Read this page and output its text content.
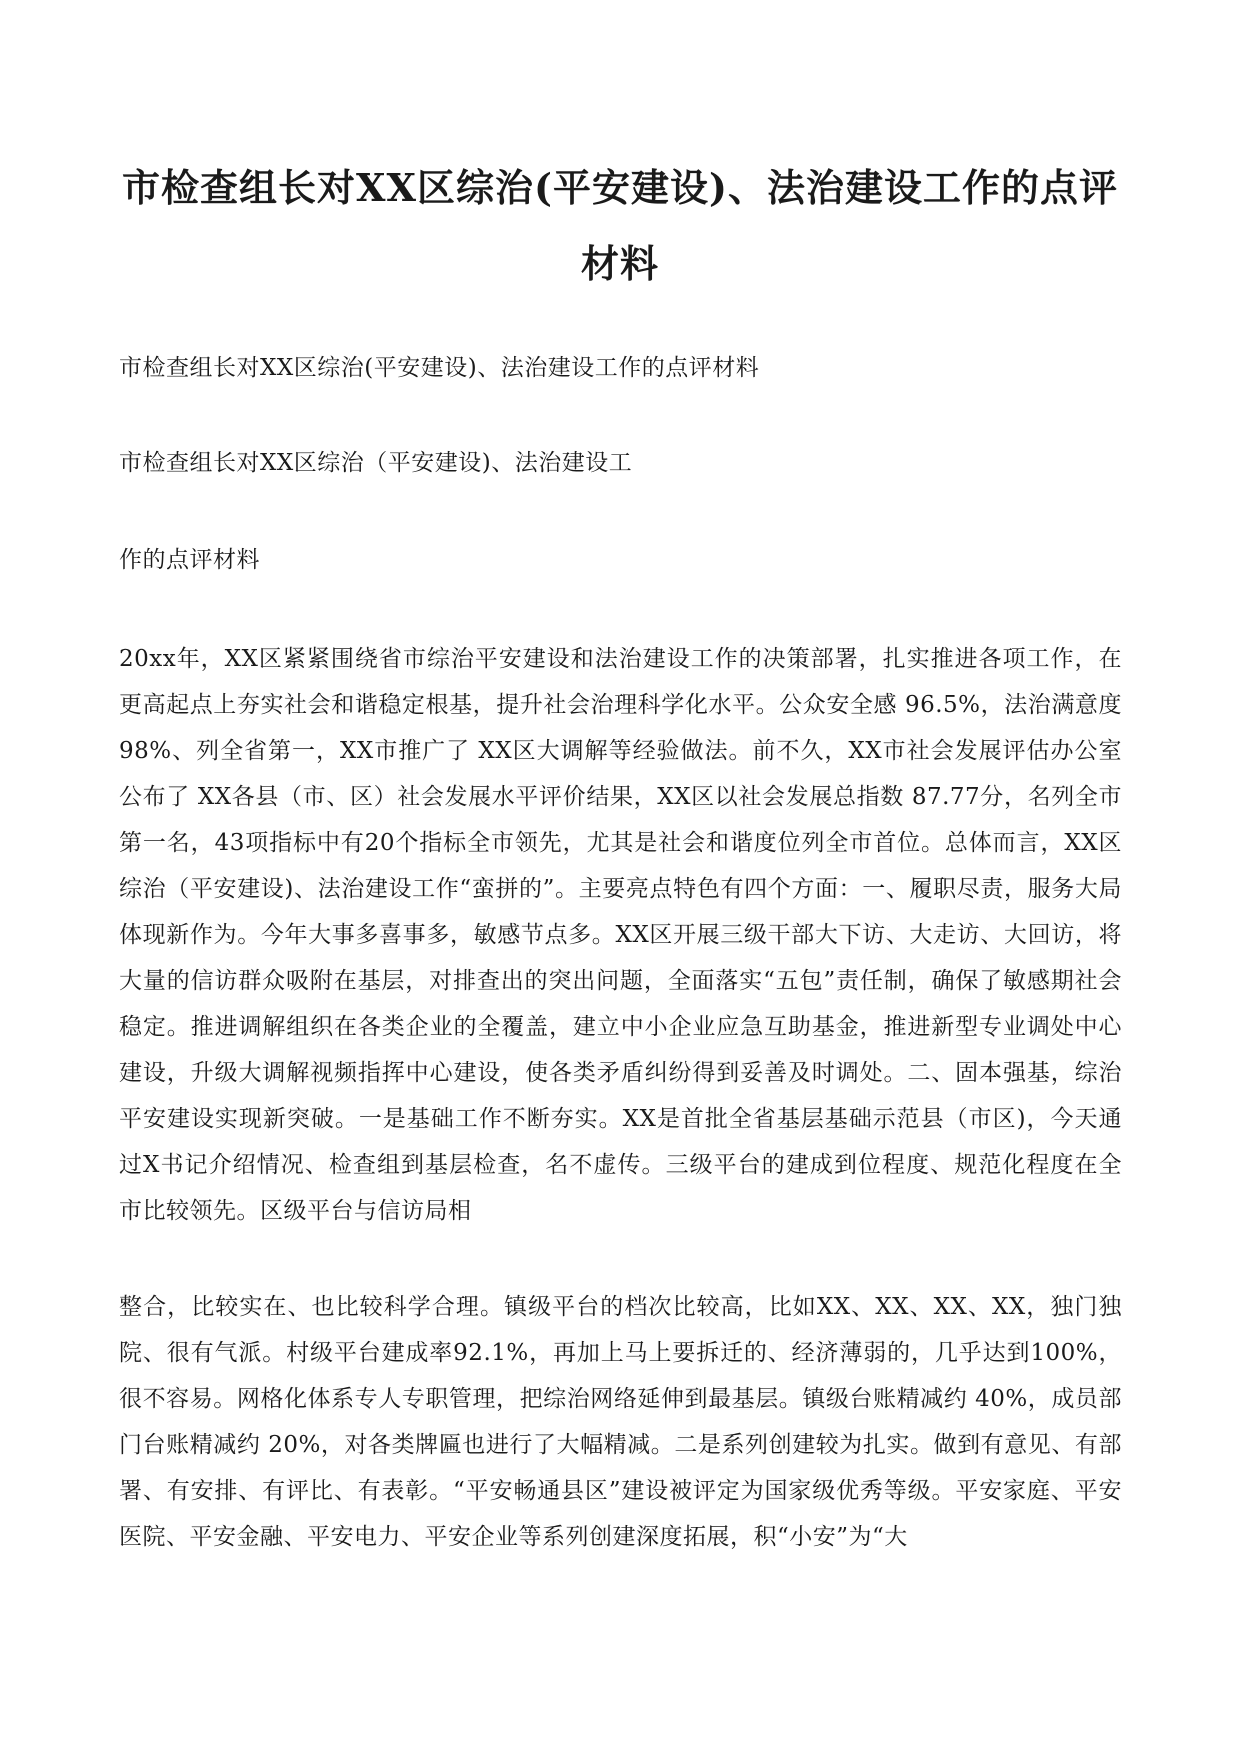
市检查组长对XX区综治(平安建设)、法治建设工作的点评材料

市检查组长对XX区综治(平安建设)、法治建设工作的点评材料

市检查组长对XX区综治（平安建设)、法治建设工

作的点评材料

20xx年，XX区紧紧围绕省市综治平安建设和法治建设工作的决策部署，扎实推进各项工作，在更高起点上夯实社会和谐稳定根基，提升社会治理科学化水平。公众安全感 96.5%，法治满意度 98%、列全省第一，XX市推广了 XX区大调解等经验做法。前不久，XX市社会发展评估办公室公布了 XX各县（市、区）社会发展水平评价结果，XX区以社会发展总指数 87.77分，名列全市第一名，43项指标中有20个指标全市领先，尤其是社会和谐度位列全市首位。总体而言，XX区综治（平安建设)、法治建设工作“蛮拼的”。主要亮点特色有四个方面：一、履职尽责，服务大局体现新作为。今年大事多喜事多，敏感节点多。XX区开展三级干部大下访、大走访、大回访，将大量的信访群众吸附在基层，对排查出的突出问题，全面落实“五包”责任制，确保了敏感期社会稳定。推进调解组织在各类企业的全覆盖，建立中小企业应急互助基金，推进新型专业调处中心建设，升级大调解视频指挥中心建设，使各类矛盾纠纷得到妥善及时调处。二、固本强基，综治平安建设实现新突破。一是基础工作不断夯实。XX是首批全省基层基础示范县（市区)，今天通过X书记介绍情况、检查组到基层检查，名不虚传。三级平台的建成到位程度、规范化程度在全市比较领先。区级平台与信访局相

整合，比较实在、也比较科学合理。镇级平台的档次比较高，比如XX、XX、XX、XX，独门独院、很有气派。村级平台建成率92.1%，再加上马上要拆迁的、经济薄弱的，几乎达到100%，很不容易。网格化体系专人专职管理，把综治网络延伸到最基层。镇级台账精减约 40%，成员部门台账精减约 20%，对各类牌匾也进行了大幅精减。二是系列创建较为扎实。做到有意见、有部署、有安排、有评比、有表彰。“平安畅通县区”建设被评定为国家级优秀等级。平安家庭、平安医院、平安金融、平安电力、平安企业等系列创建深度拓展，积“小安”为“大
